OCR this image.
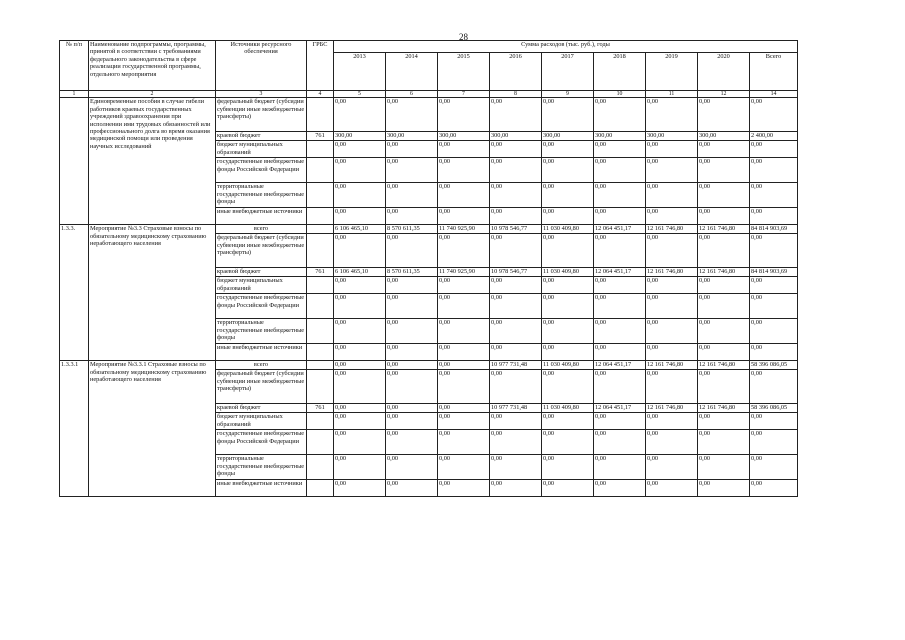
28
№ п/п	Наименование подпрограммы, программы, принятой в соответствии с требованиями федерального законодательства в сфере реализации государственной программы, отдельного мероприятия	Источники ресурсного обеспечения	ГРБС	Сумма расходов (тыс. руб.), годы								
				2013	2014	2015	2016	2017	2018	2019	2020	Всего
1	2	3	4	5	6	7	8	9	10	11	12	14
	Единовременные пособия в случае гибели работников краевых государственных учреждений здравоохранения при исполнении ими трудовых обязанностей или профессионального долга во время оказания медицинской помощи или проведения научных исследований	федеральный бюджет (субсидии субвенции иные межбюджетные трансферты)		0,00	0,00	0,00	0,00	0,00	0,00	0,00	0,00	0,00
		краевой бюджет	761	300,00	300,00	300,00	300,00	300,00	300,00	300,00	300,00	2 400,00
		бюджет муниципальных образований		0,00	0,00	0,00	0,00	0,00	0,00	0,00	0,00	0,00
		государственные внебюджетные фонды Российской Федерации		0,00	0,00	0,00	0,00	0,00	0,00	0,00	0,00	0,00
		территориальные государственные внебюджетные фонды		0,00	0,00	0,00	0,00	0,00	0,00	0,00	0,00	0,00
		иные внебюджетные источники		0,00	0,00	0,00	0,00	0,00	0,00	0,00	0,00	0,00
1.3.3.	Мероприятие №3.3 Страховые взносы по обязательному медицинскому страхованию неработающего населения	всего		6 106 465,10	8 570 611,35	11 740 925,90	10 978 546,77	11 030 409,80	12 064 451,17	12 161 746,80	12 161 746,80	84 814 903,69
		федеральный бюджет (субсидии субвенции иные межбюджетные трансферты)		0,00	0,00	0,00	0,00	0,00	0,00	0,00	0,00	0,00
		краевой бюджет	761	6 106 465,10	8 570 611,35	11 740 925,90	10 978 546,77	11 030 409,80	12 064 451,17	12 161 746,80	12 161 746,80	84 814 903,69
		бюджет муниципальных образований		0,00	0,00	0,00	0,00	0,00	0,00	0,00	0,00	0,00
		государственные внебюджетные фонды Российской Федерации		0,00	0,00	0,00	0,00	0,00	0,00	0,00	0,00	0,00
		территориальные государственные внебюджетные фонды		0,00	0,00	0,00	0,00	0,00	0,00	0,00	0,00	0,00
		иные внебюджетные источники		0,00	0,00	0,00	0,00	0,00	0,00	0,00	0,00	0,00
1.3.3.1	Мероприятие №3.3.1 Страховые взносы по обязательному медицинскому страхованию неработающего населения	всего		0,00	0,00	0,00	10 977 731,48	11 030 409,80	12 064 451,17	12 161 746,80	12 161 746,80	58 396 086,05
		федеральный бюджет (субсидии субвенции иные межбюджетные трансферты)		0,00	0,00	0,00	0,00	0,00	0,00	0,00	0,00	0,00
		краевой бюджет	761	0,00	0,00	0,00	10 977 731,48	11 030 409,80	12 064 451,17	12 161 746,80	12 161 746,80	58 396 086,05
		бюджет муниципальных образований		0,00	0,00	0,00	0,00	0,00	0,00	0,00	0,00	0,00
		государственные внебюджетные фонды Российской Федерации		0,00	0,00	0,00	0,00	0,00	0,00	0,00	0,00	0,00
		территориальные государственные внебюджетные фонды		0,00	0,00	0,00	0,00	0,00	0,00	0,00	0,00	0,00
		иные внебюджетные источники		0,00	0,00	0,00	0,00	0,00	0,00	0,00	0,00	0,00
